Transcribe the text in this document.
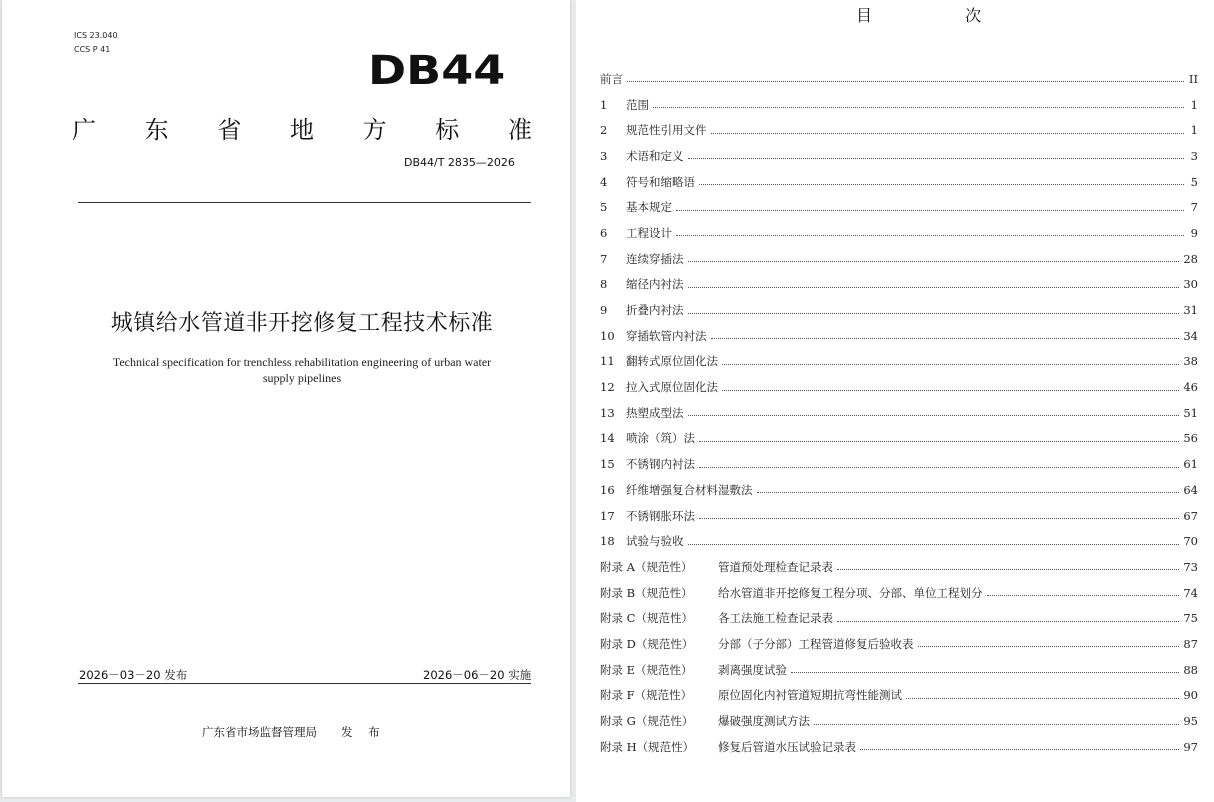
ICS 23.040
CCS P 41	DB44
广 东 省 地 方 标 准
DB44/T 2835—2026
城镇给水管道非开挖修复工程技术标准
Technical specification for trenchless rehabilitation engineering of urban water
supply pipelines
2026－03－20 发布	2026－06－20 实施
广东省市场监督管理局 发 布
目 次
前言	II
1	范围	1
2	规范性引用文件	1
3	术语和定义	3
4	符号和缩略语	5
5	基本规定	7
6	工程设计	9
7	连续穿插法	28
8	缩径内衬法	30
9	折叠内衬法	31
10 穿插软管内衬法	34
11 翻转式原位固化法	38
12 拉入式原位固化法	46
13 热塑成型法	51
14 喷涂（筑）法	56
15 不锈钢内衬法	61
16 纤维增强复合材料湿敷法	64
17 不锈钢胀环法	67
18 试验与验收	70
附录 A（规范性）	管道预处理检查记录表	73
附录 B（规范性）	给水管道非开挖修复工程分项、分部、单位工程划分	74
附录 C（规范性）	各工法施工检查记录表	75
附录 D（规范性）	分部（子分部）工程管道修复后验收表	87
附录 E（规范性）	剥离强度试验	88
附录 F（规范性）	原位固化内衬管道短期抗弯性能测试	90
附录 G（规范性）	爆破强度测试方法	95
附录 H（规范性）	修复后管道水压试验记录表	97
